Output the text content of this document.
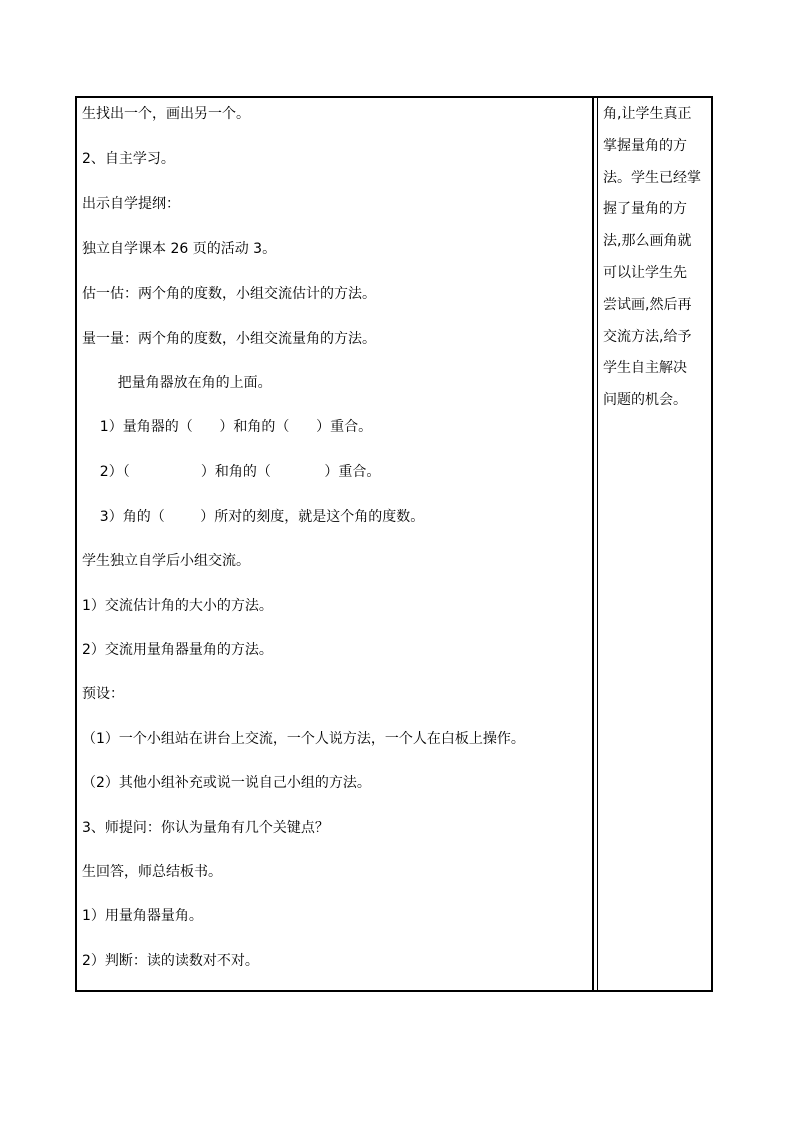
生找出一个，画出另一个。
2、自主学习。
出示自学提纲：
独立自学课本 26 页的活动 3。
估一估：两个角的度数，小组交流估计的方法。
量一量：两个角的度数，小组交流量角的方法。
把量角器放在角的上面。
1）量角器的（      ）和角的（      ）重合。
2）（                ）和角的（            ）重合。
3）角的（        ）所对的刻度，就是这个角的度数。
学生独立自学后小组交流。
1）交流估计角的大小的方法。
2）交流用量角器量角的方法。
预设：
（1）一个小组站在讲台上交流，一个人说方法，一个人在白板上操作。
（2）其他小组补充或说一说自己小组的方法。
3、师提问：你认为量角有几个关键点？
生回答，师总结板书。
1）用量角器量角。
2）判断：读的读数对不对。
角,让学生真正
掌握量角的方
法。学生已经掌
握了量角的方
法,那么画角就
可以让学生先
尝试画,然后再
交流方法,给予
学生自主解决
问题的机会。
